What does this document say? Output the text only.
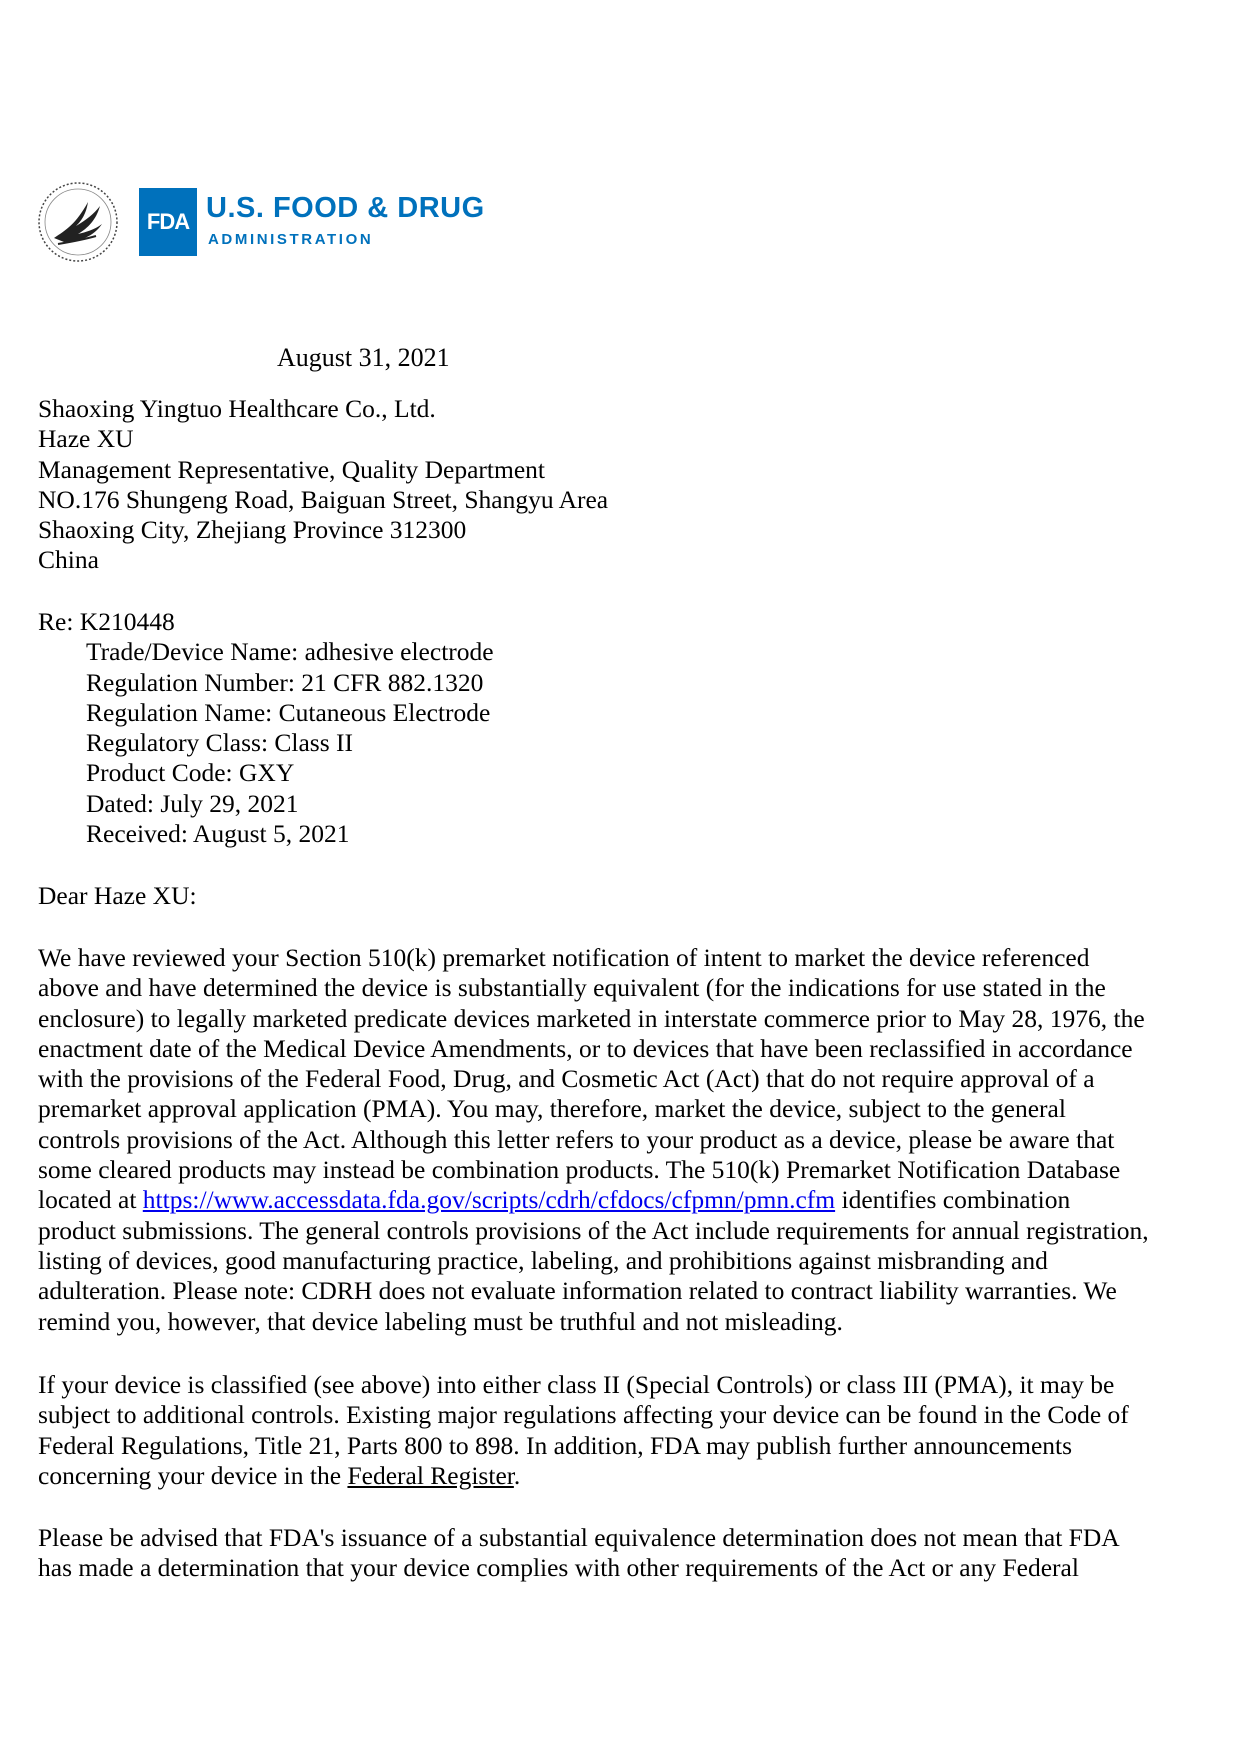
FDA U.S. FOOD & DRUG
ADMINISTRATION
August 31, 2021
Shaoxing Yingtuo Healthcare Co., Ltd.
Haze XU
Management Representative, Quality Department
NO.176 Shungeng Road, Baiguan Street, Shangyu Area
Shaoxing City, Zhejiang Province 312300
China
Re: K210448
Trade/Device Name: adhesive electrode
Regulation Number: 21 CFR 882.1320
Regulation Name: Cutaneous Electrode
Regulatory Class: Class II
Product Code: GXY
Dated: July 29, 2021
Received: August 5, 2021
Dear Haze XU:
We have reviewed your Section 510(k) premarket notification of intent to market the device referenced
above and have determined the device is substantially equivalent (for the indications for use stated in the
enclosure) to legally marketed predicate devices marketed in interstate commerce prior to May 28, 1976, the
enactment date of the Medical Device Amendments, or to devices that have been reclassified in accordance
with the provisions of the Federal Food, Drug, and Cosmetic Act (Act) that do not require approval of a
premarket approval application (PMA). You may, therefore, market the device, subject to the general
controls provisions of the Act. Although this letter refers to your product as a device, please be aware that
some cleared products may instead be combination products. The 510(k) Premarket Notification Database
located at https://www.accessdata.fda.gov/scripts/cdrh/cfdocs/cfpmn/pmn.cfm identifies combination
product submissions. The general controls provisions of the Act include requirements for annual registration,
listing of devices, good manufacturing practice, labeling, and prohibitions against misbranding and
adulteration. Please note: CDRH does not evaluate information related to contract liability warranties. We
remind you, however, that device labeling must be truthful and not misleading.
If your device is classified (see above) into either class II (Special Controls) or class III (PMA), it may be
subject to additional controls. Existing major regulations affecting your device can be found in the Code of
Federal Regulations, Title 21, Parts 800 to 898. In addition, FDA may publish further announcements
concerning your device in the Federal Register.
Please be advised that FDA's issuance of a substantial equivalence determination does not mean that FDA
has made a determination that your device complies with other requirements of the Act or any Federal
